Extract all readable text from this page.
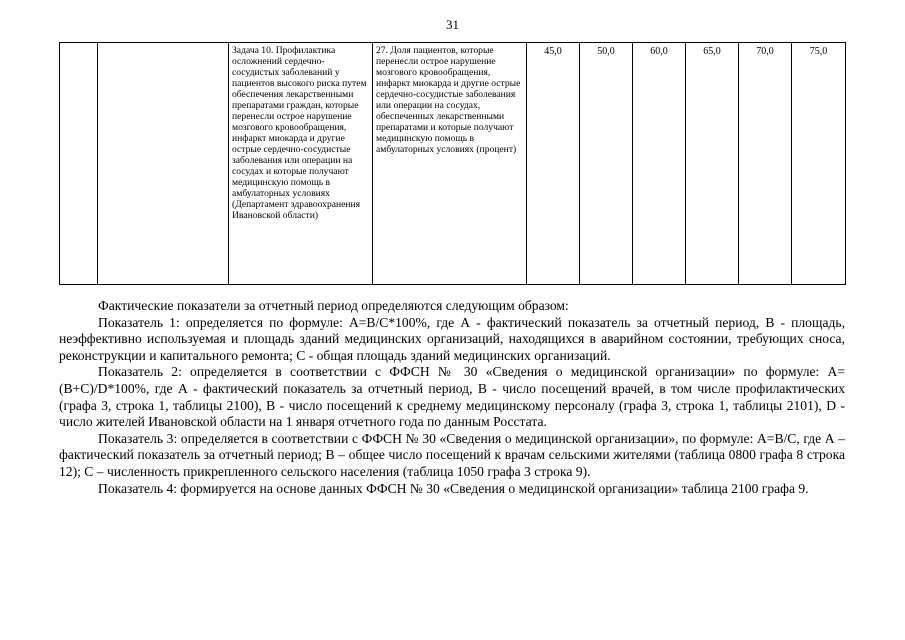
31
		Задача 10. Профилактика осложнений сердечно-сосудистых заболеваний у пациентов высокого риска путем обеспечения лекарственными препаратами граждан, которые перенесли острое нарушение мозгового кровообращения, инфаркт миокарда и другие острые сердечно-сосудистые заболевания или операции на сосудах и которые получают медицинскую помощь в амбулаторных условиях (Департамент здравоохранения Ивановской области)	27. Доля пациентов, которые перенесли острое нарушение мозгового кровообращения, инфаркт миокарда и другие острые сердечно-сосудистые заболевания или операции на сосудах, обеспеченных лекарственными препаратами и которые получают медицинскую помощь в амбулаторных условиях (процент)	45,0	50,0	60,0	65,0	70,0	75,0

Фактические показатели за отчетный период определяются следующим образом:

Показатель 1: определяется по формуле: А=В/С*100%, где А - фактический показатель за отчетный период, В - площадь, неэффективно используемая и площадь зданий медицинских организаций, находящихся в аварийном состоянии, требующих сноса, реконструкции и капитального ремонта; С - общая площадь зданий медицинских организаций.

Показатель 2: определяется в соответствии с ФФСН № 30 «Сведения о медицинской организации» по формуле: А=(В+С)/D*100%, где А - фактический показатель за отчетный период, В - число посещений врачей, в том числе профилактических (графа 3, строка 1, таблицы 2100), В - число посещений к среднему медицинскому персоналу (графа 3, строка 1, таблицы 2101), D - число жителей Ивановской области на 1 января отчетного года по данным Росстата.

Показатель 3: определяется в соответствии с ФФСН № 30 «Сведения о медицинской организации», по формуле: А=В/С, где А – фактический показатель за отчетный период; В – общее число посещений к врачам сельскими жителями (таблица 0800 графа 8 строка 12); С – численность прикрепленного сельского населения (таблица 1050 графа 3 строка 9).

Показатель 4: формируется на основе данных ФФСН № 30 «Сведения о медицинской организации» таблица 2100 графа 9.
